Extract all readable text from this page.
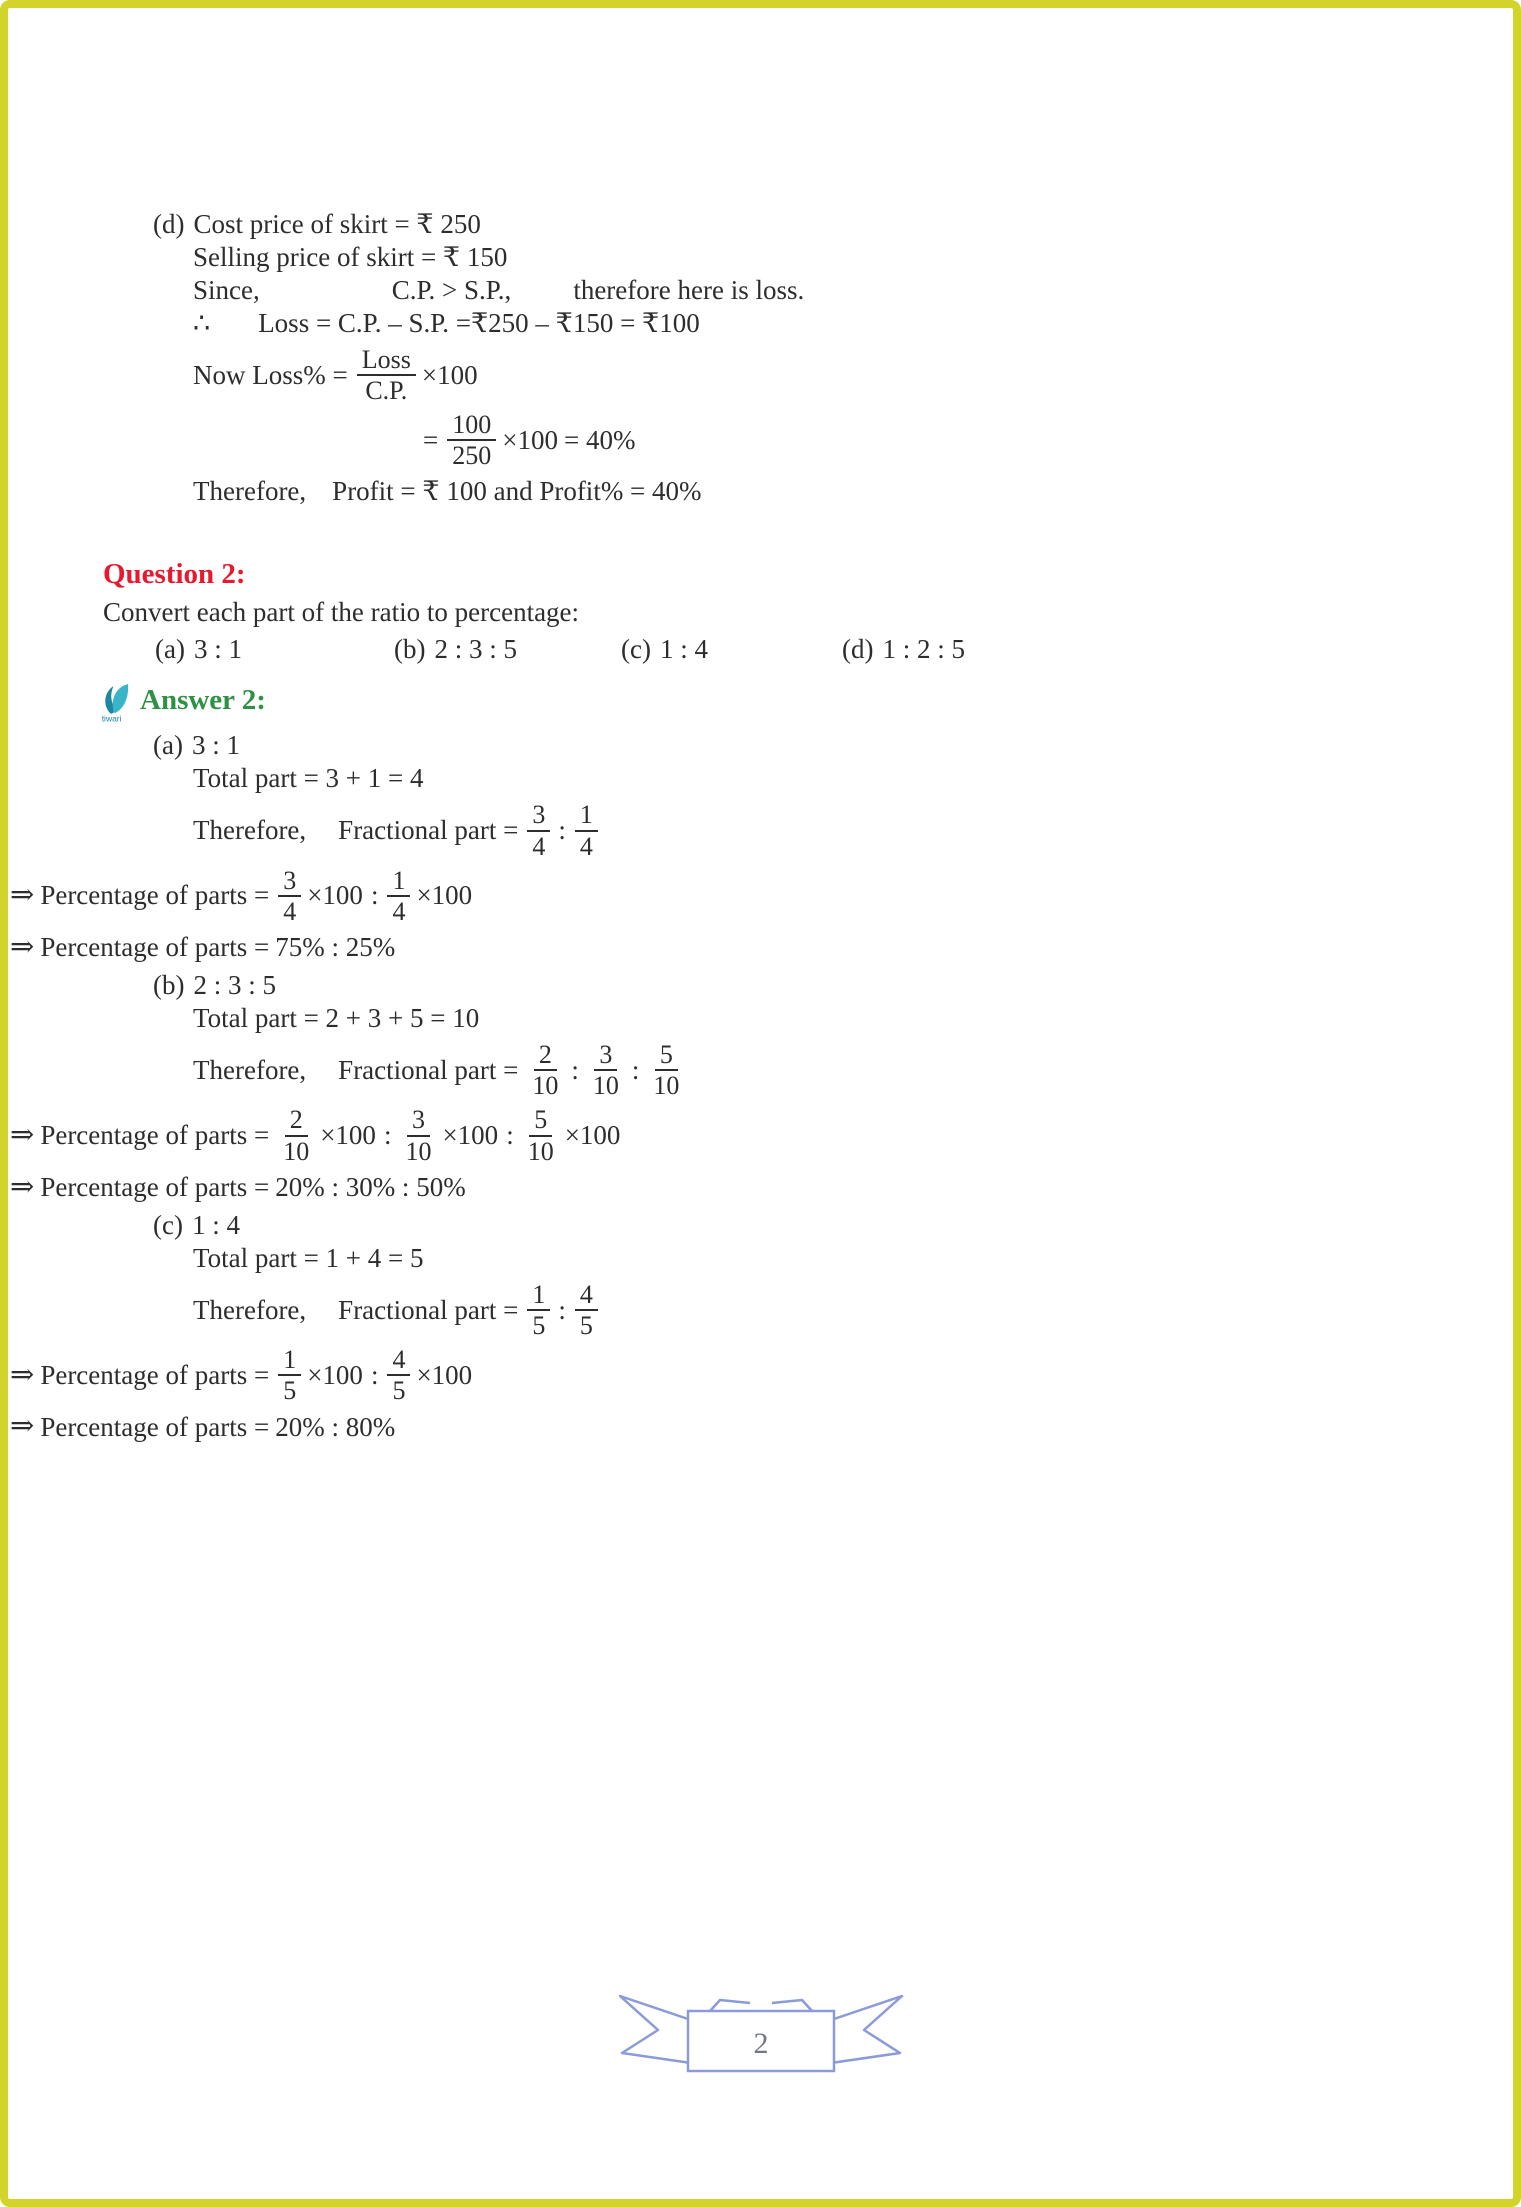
(d) Cost price of skirt = ₹ 250
Selling price of skirt = ₹ 150
Since,	C.P. > S.P., therefore here is loss.
∴ Loss = C.P. – S.P. =₹250 – ₹150 = ₹100
Now Loss% = $\frac{\text{Loss}}{C.P.} \times 100$
= $\frac{100}{250} \times 100 = 40\%$
Therefore, Profit = ₹ 100 and Profit% = 40%
Question 2:
Convert each part of the ratio to percentage:
(a) 3 : 1	(b) 2 : 3 : 5	(c) 1 : 4	(d) 1 : 2 : 5
tiwari
Answer 2:
(a) 3 : 1
Total part = 3 + 1 = 4
Therefore, Fractional part = $\frac{3}{4}$ : $\frac{1}{4}$
⇒ Percentage of parts = $\frac{3}{4} \times 100$ : $\frac{1}{4} \times 100$
⇒ Percentage of parts = 75% : 25%
(b) 2 : 3 : 5
Total part = 2 + 3 + 5 = 10
Therefore, Fractional part = $\frac{2}{10}$ : $\frac{3}{10}$ : $\frac{5}{10}$
⇒ Percentage of parts = $\frac{2}{10} \times 100$ : $\frac{3}{10} \times 100$ : $\frac{5}{10} \times 100$
⇒ Percentage of parts = 20% : 30% : 50%
(c) 1 : 4
Total part = 1 + 4 = 5
Therefore, Fractional part = $\frac{1}{5}$ : $\frac{4}{5}$
⇒ Percentage of parts = $\frac{1}{5} \times 100$ : $\frac{4}{5} \times 100$
⇒ Percentage of parts = 20% : 80%
2
